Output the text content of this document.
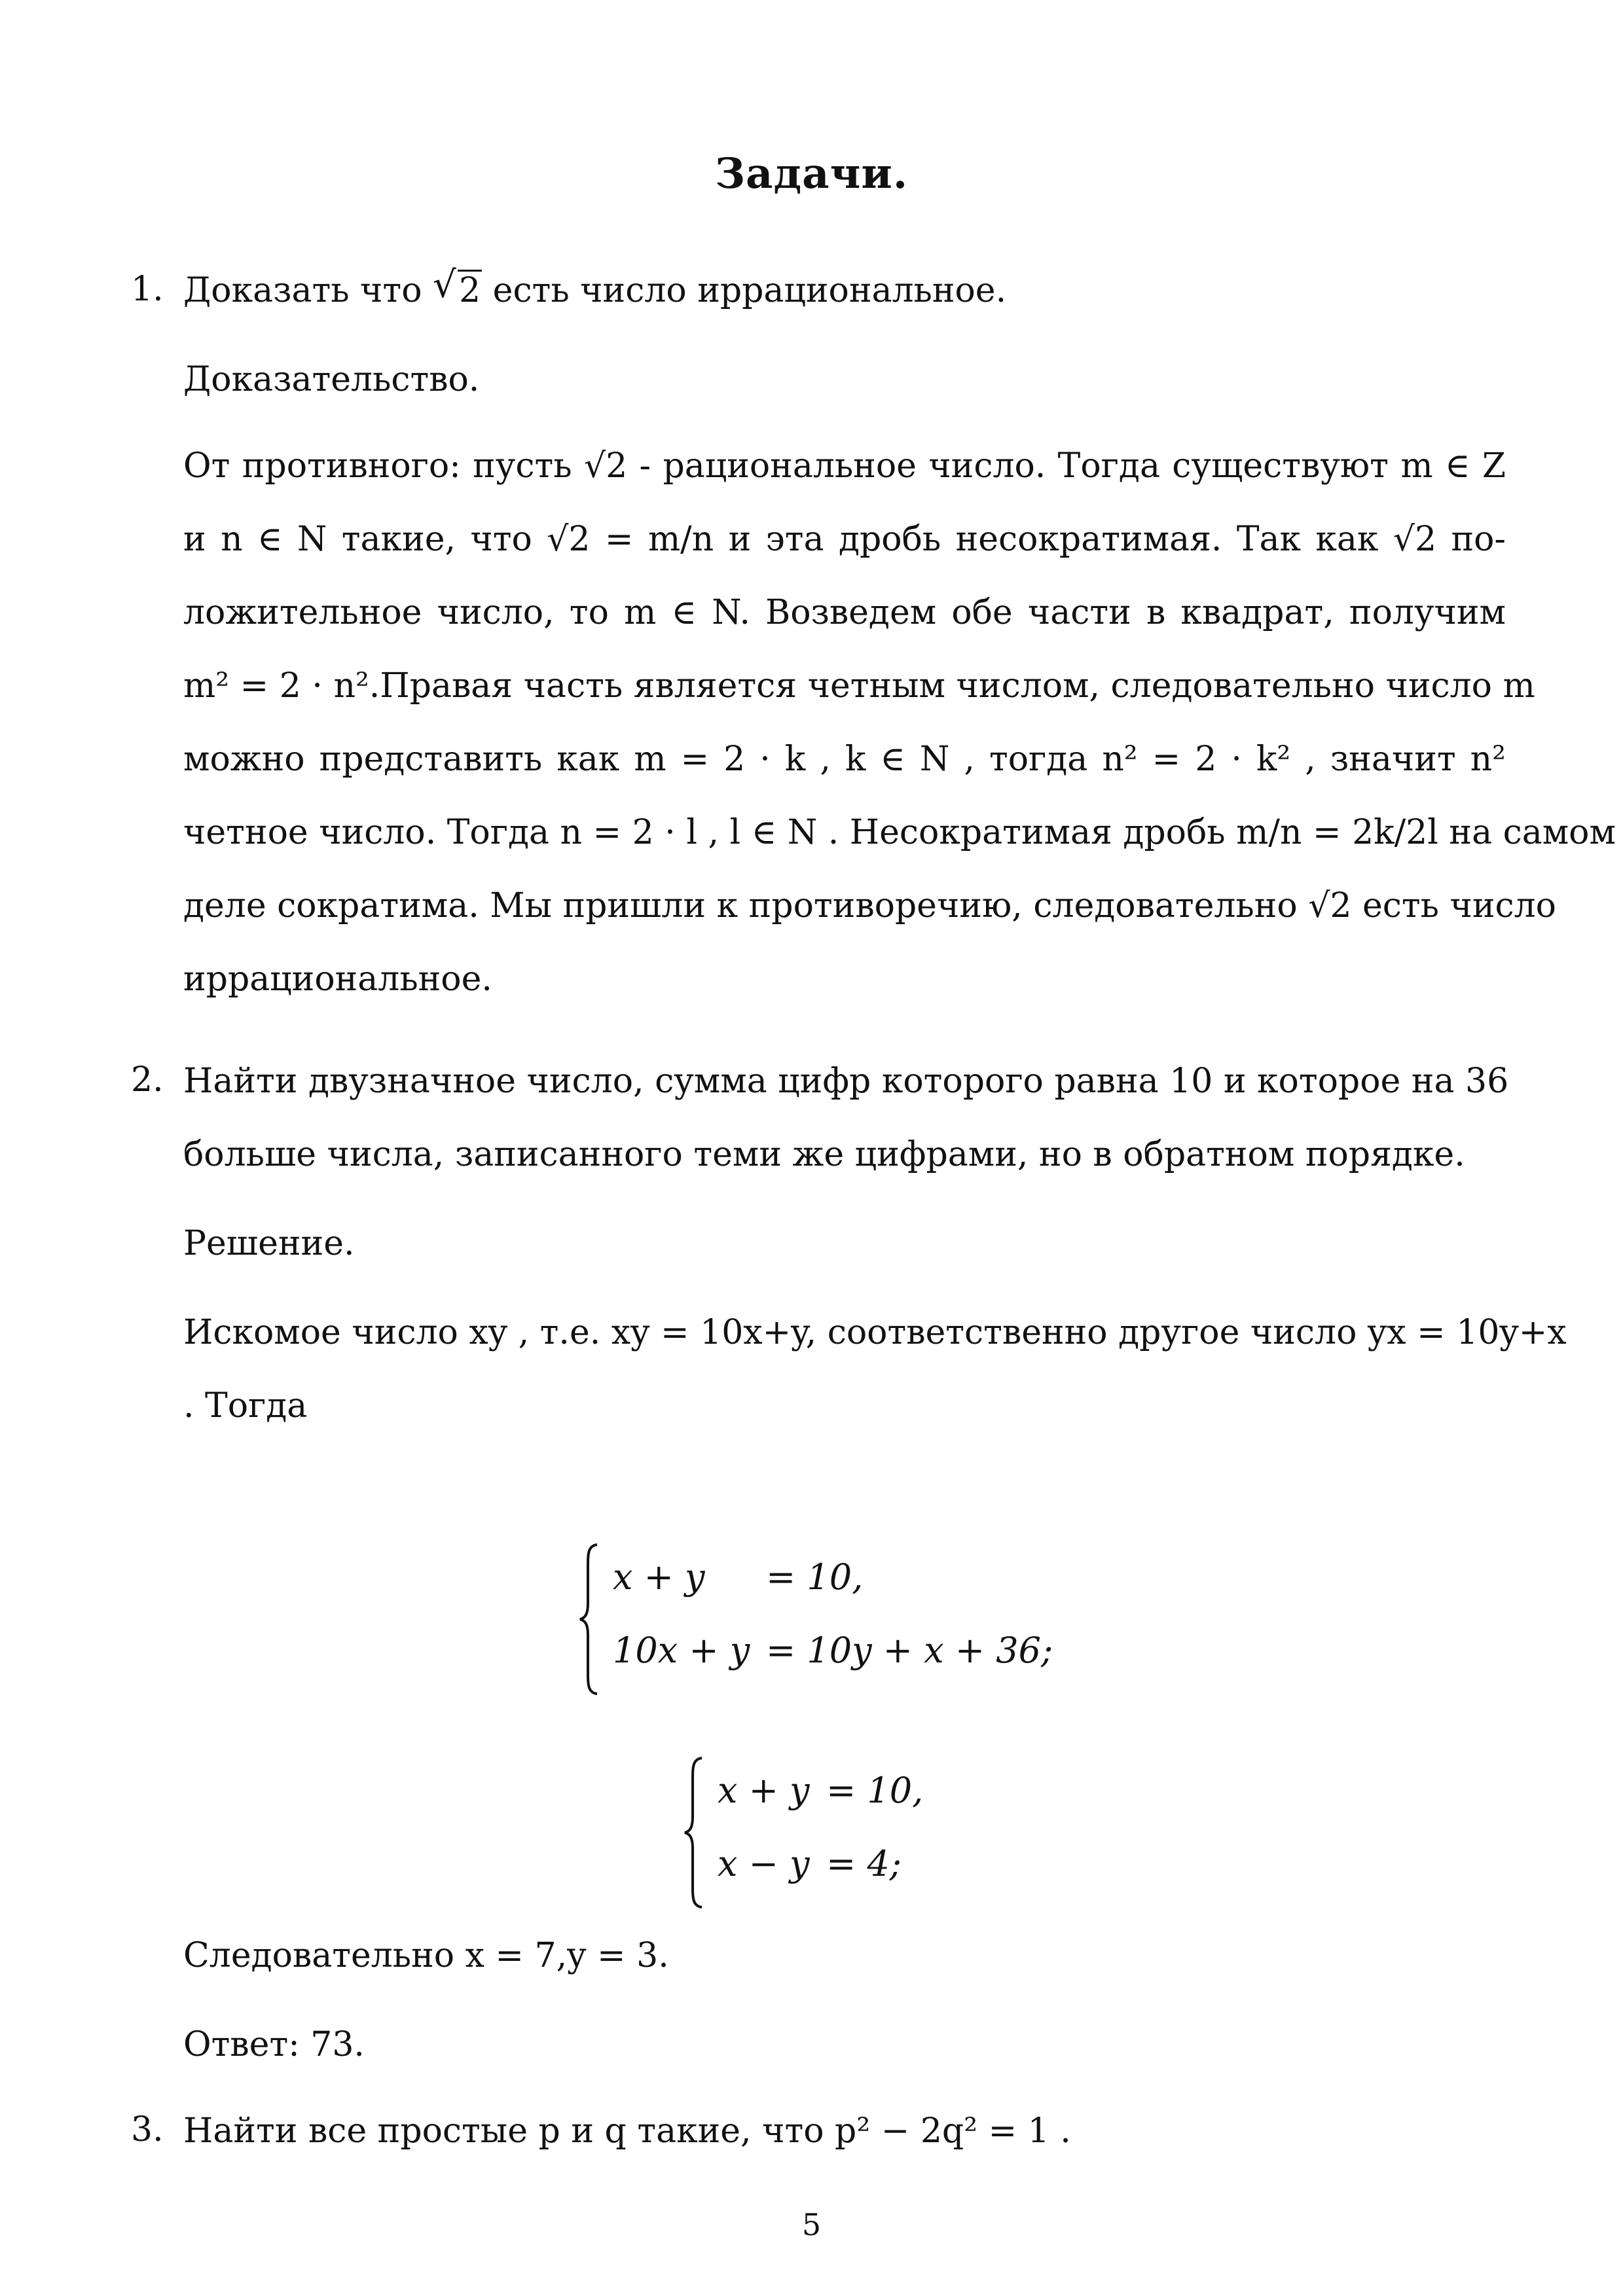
Задачи.
1. Доказать что √ 2 есть число иррациональное.
Доказательство.
От противного: пусть √2 - рациональное число. Тогда существуют m ∈ Z
и n ∈ N такие, что √2 = m/n и эта дробь несократимая. Так как √2 по-
ложительное число, то m ∈ N. Возведем обе части в квадрат, получим
m² = 2 · n².Правая часть является четным числом, следовательно число m
можно представить как m = 2 · k , k ∈ N , тогда n² = 2 · k² , значит n²
четное число. Тогда n = 2 · l , l ∈ N . Несократимая дробь m/n = 2k/2l на самом
деле сократима. Мы пришли к противоречию, следовательно √2 есть число
иррациональное.
2. Найти двузначное число, сумма цифр которого равна 10 и которое на 36
больше числа, записанного теми же цифрами, но в обратном порядке.
Решение.
Искомое число xy , т.е. xy = 10x+y, соответственно другое число yx = 10y+x
. Тогда
x + y = 10,
10x + y = 10y + x + 36;
x + y = 10,
x − y = 4;
Следовательно x = 7,y = 3.
Ответ: 73.
3. Найти все простые p и q такие, что p² − 2q² = 1 .
5
